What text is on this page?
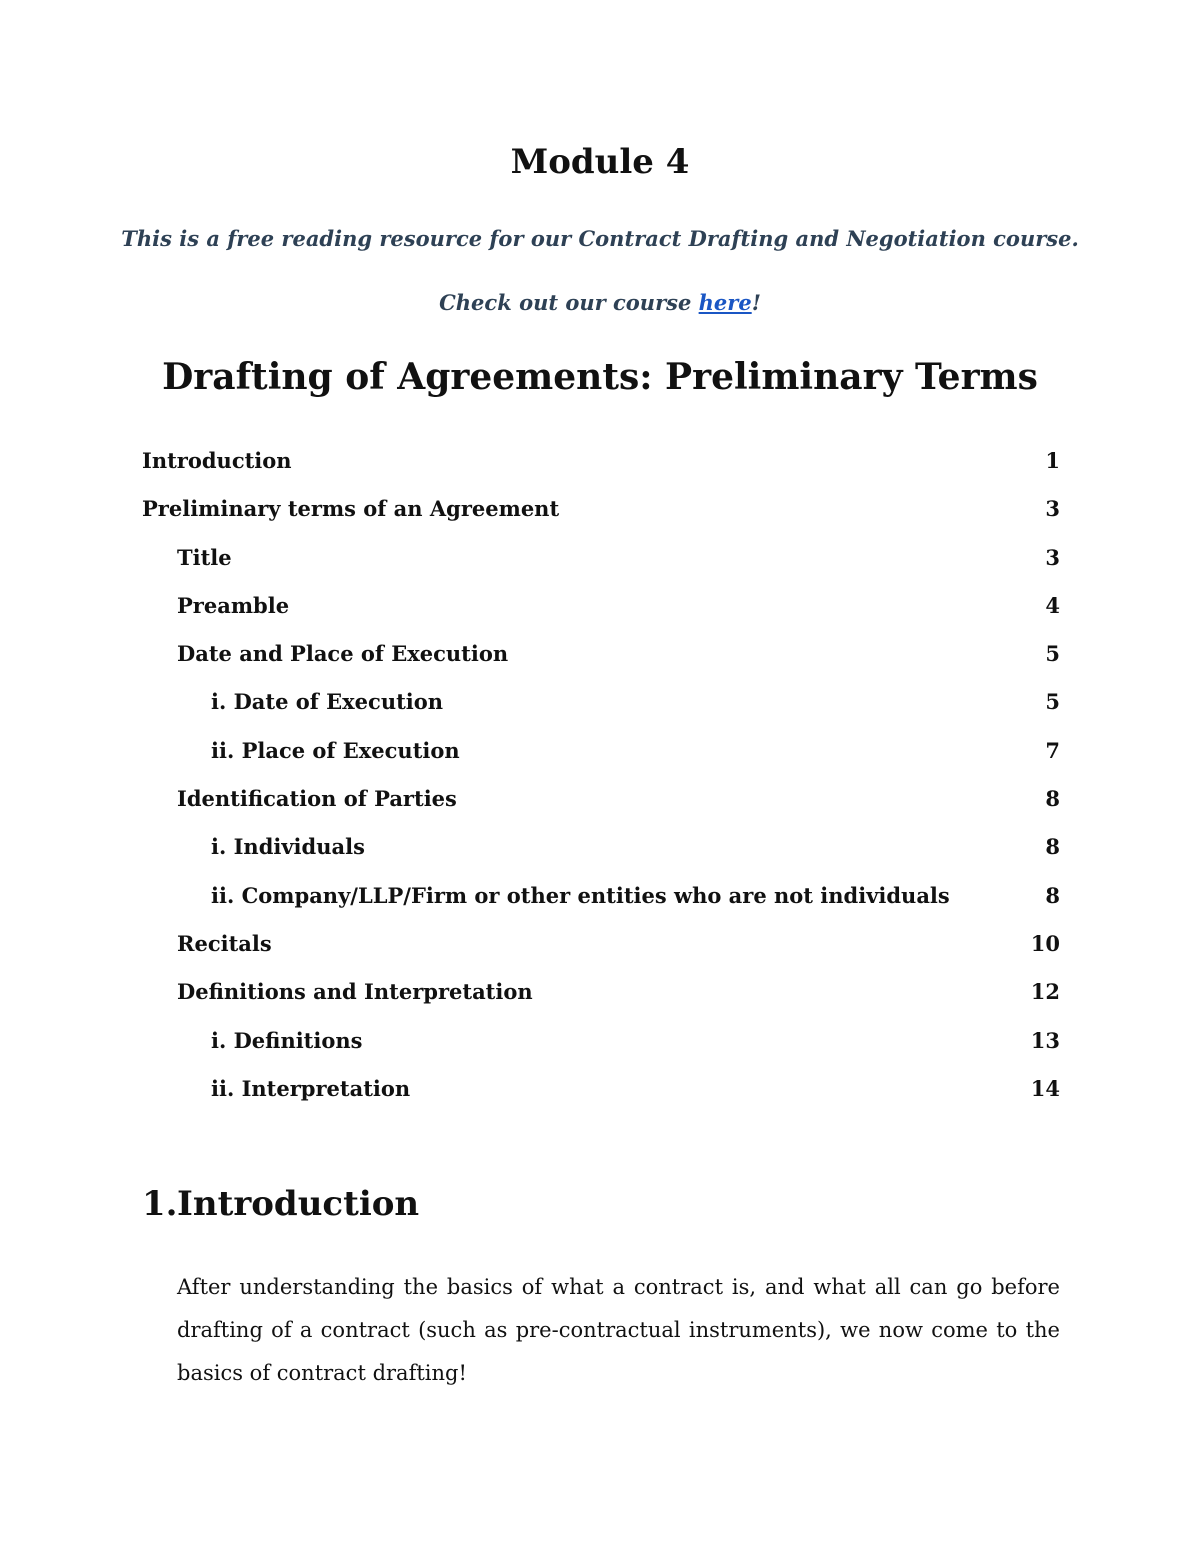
Module 4

This is a free reading resource for our Contract Drafting and Negotiation course.

Check out our course here!

Drafting of Agreements: Preliminary Terms
Introduction	1
Preliminary terms of an Agreement	3
Title	3
Preamble	4
Date and Place of Execution	5
i. Date of Execution	5
ii. Place of Execution	7
Identification of Parties	8
i. Individuals	8
ii. Company/LLP/Firm or other entities who are not individuals	8
Recitals	10
Definitions and Interpretation	12
i. Definitions	13
ii. Interpretation	14
1.Introduction

After understanding the basics of what a contract is, and what all can go before drafting of a contract (such as pre-contractual instruments), we now come to the basics of contract drafting!
